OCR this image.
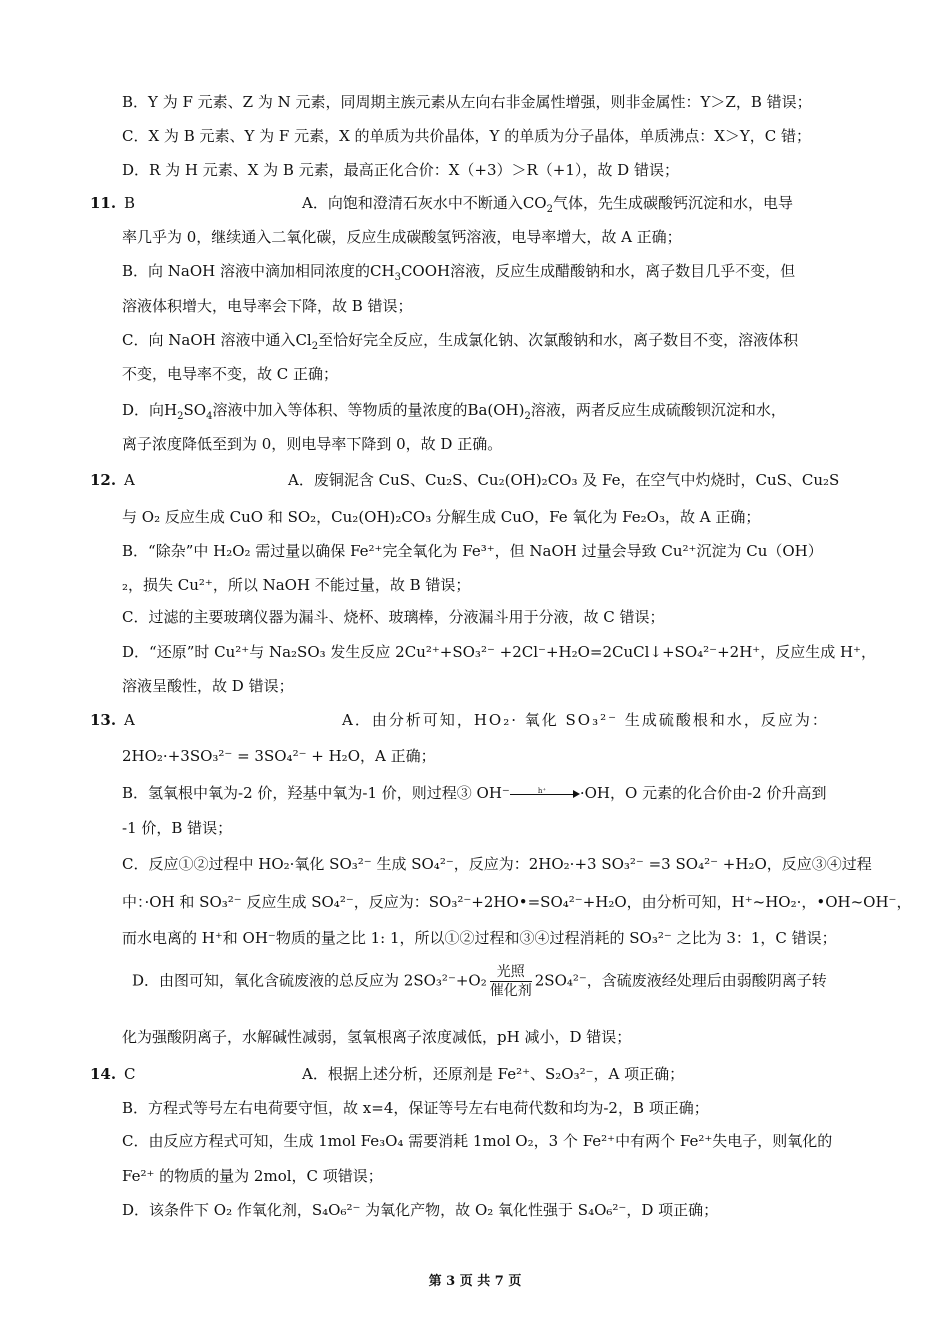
B．Y 为 F 元素、Z 为 N 元素，同周期主族元素从左向右非金属性增强，则非金属性：Y＞Z，B 错误；
C．X 为 B 元素、Y 为 F 元素，X 的单质为共价晶体，Y 的单质为分子晶体，单质沸点：X＞Y，C 错；
D．R 为 H 元素、X 为 B 元素，最高正化合价：X（+3）＞R（+1），故 D 错误；
11. B	A．向饱和澄清石灰水中不断通入$CO_2$气体，先生成碳酸钙沉淀和水，电导
率几乎为 0，继续通入二氧化碳，反应生成碳酸氢钙溶液，电导率增大，故 A 正确；
B．向 NaOH 溶液中滴加相同浓度的$CH_3COOH$溶液，反应生成醋酸钠和水，离子数目几乎不变，但
溶液体积增大，电导率会下降，故 B 错误；
C．向 NaOH 溶液中通入$Cl_2$至恰好完全反应，生成氯化钠、次氯酸钠和水，离子数目不变，溶液体积
不变，电导率不变，故 C 正确；
D．向$H_2SO_4$溶液中加入等体积、等物质的量浓度的$Ba(OH)_2$溶液，两者反应生成硫酸钡沉淀和水，
离子浓度降低至到为 0，则电导率下降到 0，故 D 正确。
12. A	A．废铜泥含 CuS、Cu₂S、Cu₂(OH)₂CO₃ 及 Fe，在空气中灼烧时，CuS、Cu₂S
与 O₂ 反应生成 CuO 和 SO₂，Cu₂(OH)₂CO₃ 分解生成 CuO，Fe 氧化为 Fe₂O₃，故 A 正确；
B．“除杂”中 H₂O₂ 需过量以确保 Fe²⁺完全氧化为 Fe³⁺，但 NaOH 过量会导致 Cu²⁺沉淀为 Cu（OH）
₂，损失 Cu²⁺，所以 NaOH 不能过量，故 B 错误；
C．过滤的主要玻璃仪器为漏斗、烧杯、玻璃棒，分液漏斗用于分液，故 C 错误；
D．“还原”时 Cu²⁺与 Na₂SO₃ 发生反应 2Cu²⁺+SO₃²⁻ +2Cl⁻+H₂O=2CuCl↓+SO₄²⁻+2H⁺，反应生成 H⁺，
溶液呈酸性，故 D 错误；
13. A	A．由分析可知，HO₂· 氧化 SO₃²⁻ 生成硫酸根和水，反应为：
2HO₂·+3SO₃²⁻ = 3SO₄²⁻ + H₂O，A 正确；
B．氢氧根中氧为-2 价，羟基中氧为-1 价，则过程③ OH⁻	h⁺ ·OH，O 元素的化合价由-2 价升高到
-1 价，B 错误；
C．反应①②过程中 HO₂·氧化 SO₃²⁻ 生成 SO₄²⁻，反应为：2HO₂·+3 SO₃²⁻ =3 SO₄²⁻ +H₂O，反应③④过程
中：·OH 和 SO₃²⁻ 反应生成 SO₄²⁻，反应为：SO₃²⁻+2HO•=SO₄²⁻+H₂O，由分析可知，H⁺~HO₂·，•OH~OH⁻，
而水电离的 H⁺和 OH⁻物质的量之比 1: 1，所以①②过程和③④过程消耗的 SO₃²⁻ 之比为 3：1，C 错误；
D．由图可知，氧化含硫废液的总反应为 2SO₃²⁻+O₂ 光照
催化剂
2SO₄²⁻，含硫废液经处理后由弱酸阴离子转
化为强酸阴离子，水解碱性减弱，氢氧根离子浓度减低，pH 减小，D 错误；
14. C	A．根据上述分析，还原剂是 Fe²⁺、S₂O₃²⁻，A 项正确；
B．方程式等号左右电荷要守恒，故 x=4，保证等号左右电荷代数和均为-2，B 项正确；
C．由反应方程式可知，生成 1mol Fe₃O₄ 需要消耗 1mol O₂，3 个 Fe²⁺中有两个 Fe²⁺失电子，则氧化的
Fe²⁺ 的物质的量为 2mol，C 项错误；
D．该条件下 O₂ 作氧化剂，S₄O₆²⁻ 为氧化产物，故 O₂ 氧化性强于 S₄O₆²⁻，D 项正确；
第 3 页 共 7 页
